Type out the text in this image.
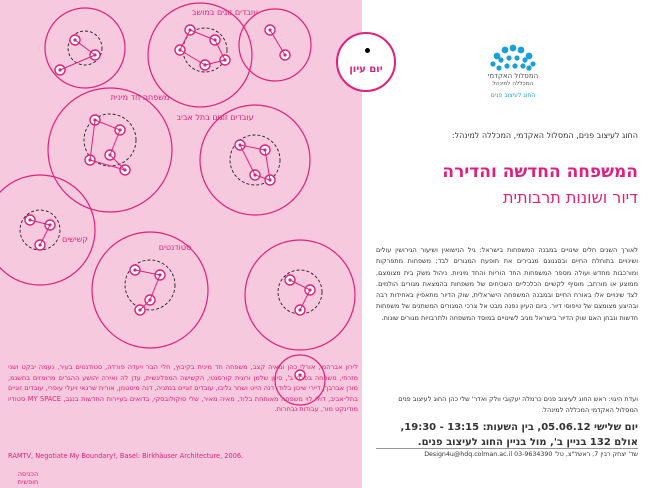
עובדים זוגים במושב
משפחה חד מינית
עובדים זוגים בתל אביב
קשישים
סטודנטים
לירון אברהמי, אורלי כהן ומאיה קצב, משפחה חד מינית בקיבוץ, חלי הבר ויעדה פורדה, סטודנטים בעיר, נעמה יבקט ושני מזרחי, משפחה בפרס ב', סיוון שלמן ורונית קורסנטי, הקשישה המפליגשית, עדן לה ואירה יהושע ההגרים מרומזים בחשנמ, מורן אברבך, דיירי שיכון בלוד, דנה הייט ושחר גליבו, עובדים זוגיים בנתניה, דנה מינוטמן, אורית שרגאי ויעלי עופרי, עובדים זוגיים בתל-אביב, דולי לוי משפחה מאותחת בלוד, מאיה מאיר, שלי סוקולובסקי, בדואים בעיירות החדשות בנגב, MY SPACE סטודיו מודינקט מור, עבודות נבחרות.
RAMTV, Negotiate My Boundary!, Basel: Birkhäuser Architecture, 2006.
הכניסה חופשית
יום עיון
המסלול האקדמי
המכללה למינהל
החוג לעיצוב פנים
החוג לעיצוב פנים, המסלול האקדמי, המכללה למינהל:
המשפחה החדשה והדירה
דיור ושונות תרבותית
לאורך השנים חלים שינויים במבנה המשפחות בישראל: גיל הנישואין ושיעור הגירושין עולים ושינויים בתוחלת החיים ובסגנונם מגבירים את תופעת המגורים לבד; משפחות מתפרקות ומורכבות מחדש ועולה מספר המשפחות החד הוריות והחד מיניות. ניהול משק בית מצומצם, ממוצע או מורחב, מוסיף לקשיים הכלכליים השכיחים של משפחות בהמצאת מגורים הולמים. לצד שינויים אלו באורח החיים ובמבנה המשפחה הישראלית, שוק הדיור מתאפיין באחידות רבה ובהיצע מצומצם של טיפוסי דיור. ביום העיון נפנה מבט אל צרכי המגורים המשתנים של משפחות חדשות ונבחן האם שוק הדיור בישראל מגיב לשינויים במוסד המשפחה ולתרבויות מגורים שונות.
ועדת היגוי: ראש החוג לעיצוב פנים כרמלה יעקובי וולק ואדר' שלי כהן החוג לעיצוב פנים המסלול האקדמי המכללה למינהל.
יום שלישי 05.06.12, בין השעות: 13:15 - 19:30,
אולם 132 בניין ב', מול בניין החוג לעיצוב פנים.
שד' יצחק רבין 7, ראשל"צ, טל' 03-9634390 Design4u@hdq.colman.ac.il
